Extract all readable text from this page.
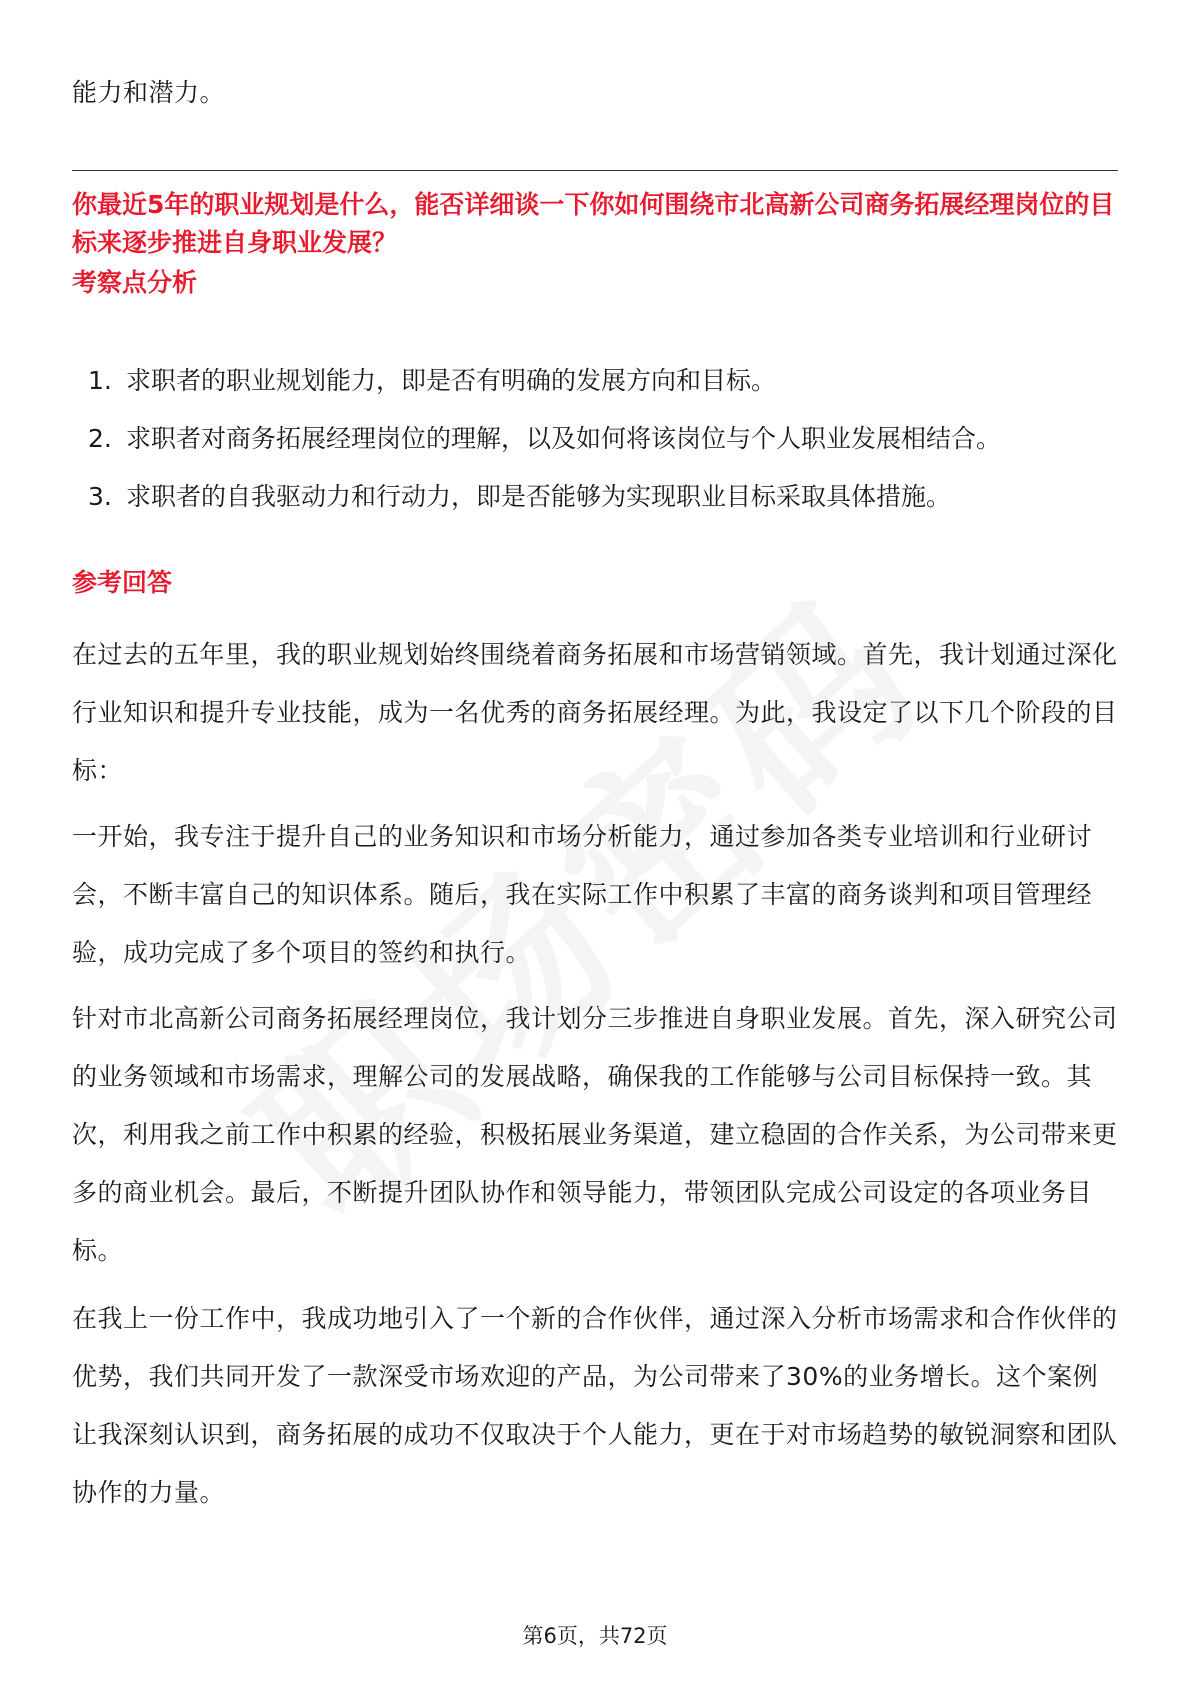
能力和潜力。

你最近5年的职业规划是什么，能否详细谈一下你如何围绕市北高新公司商务拓展经理岗位的目标来逐步推进自身职业发展？

考察点分析

1. 求职者的职业规划能力，即是否有明确的发展方向和目标。
2. 求职者对商务拓展经理岗位的理解，以及如何将该岗位与个人职业发展相结合。
3. 求职者的自我驱动力和行动力，即是否能够为实现职业目标采取具体措施。

参考回答

在过去的五年里，我的职业规划始终围绕着商务拓展和市场营销领域。首先，我计划通过深化行业知识和提升专业技能，成为一名优秀的商务拓展经理。为此，我设定了以下几个阶段的目标：

一开始，我专注于提升自己的业务知识和市场分析能力，通过参加各类专业培训和行业研讨会，不断丰富自己的知识体系。随后，我在实际工作中积累了丰富的商务谈判和项目管理经验，成功完成了多个项目的签约和执行。

针对市北高新公司商务拓展经理岗位，我计划分三步推进自身职业发展。首先，深入研究公司的业务领域和市场需求，理解公司的发展战略，确保我的工作能够与公司目标保持一致。其次，利用我之前工作中积累的经验，积极拓展业务渠道，建立稳固的合作关系，为公司带来更多的商业机会。最后，不断提升团队协作和领导能力，带领团队完成公司设定的各项业务目标。

在我上一份工作中，我成功地引入了一个新的合作伙伴，通过深入分析市场需求和合作伙伴的优势，我们共同开发了一款深受市场欢迎的产品，为公司带来了30%的业务增长。这个案例让我深刻认识到，商务拓展的成功不仅取决于个人能力，更在于对市场趋势的敏锐洞察和团队协作的力量。

第6页，共72页
